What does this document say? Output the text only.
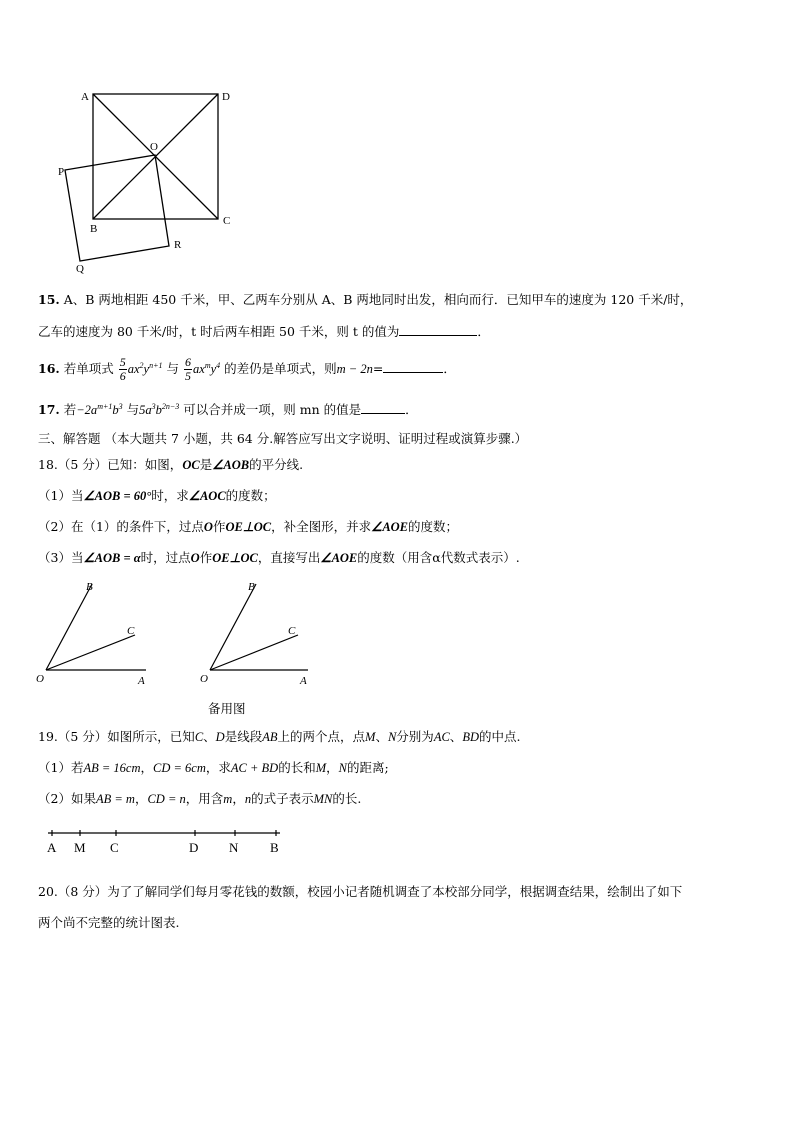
A	D
O
P
B
C
R
Q
15. A、B 两地相距 450 千米，甲、乙两车分别从 A、B 两地同时出发，相向而行．已知甲车的速度为 120 千米/时，
乙车的速度为 80 千米/时，t 时后两车相距 50 千米，则 t 的值为	．
16. 若单项式 $\frac{5}{6} ax^2y^{n+1}$ 与 $\frac{6}{5} ax^my^4$ 的差仍是单项式，则m − 2n=	．
17. 若$-2a^{m+1}b^3$ 与$5a^3b^{2n-3}$ 可以合并成一项，则 mn 的值是	．
三、解答题 （本大题共 7 小题，共 64 分.解答应写出文字说明、证明过程或演算步骤.）
18.（5 分）已知：如图，OC是∠AOB的平分线.
（1）当∠AOB = 60°时，求∠AOC的度数；
（2）在（1）的条件下，过点O作OE⊥OC，补全图形，并求∠AOE的度数；
（3）当∠AOB = α时，过点O作OE⊥OC，直接写出∠AOE的度数（用含α代数式表示）.
B
C
O	A
B
C
O	A
备用图
19.（5 分）如图所示，已知C、D是线段AB上的两个点，点M、N分别为AC、BD的中点.
（1）若AB = 16cm，CD = 6cm，求AC + BD的长和M，N的距离;
（2）如果AB = m，CD = n，用含m，n的式子表示MN的长.
A M C	D N B
20.（8 分）为了了解同学们每月零花钱的数额，校园小记者随机调查了本校部分同学，根据调查结果，绘制出了如下
两个尚不完整的统计图表.
